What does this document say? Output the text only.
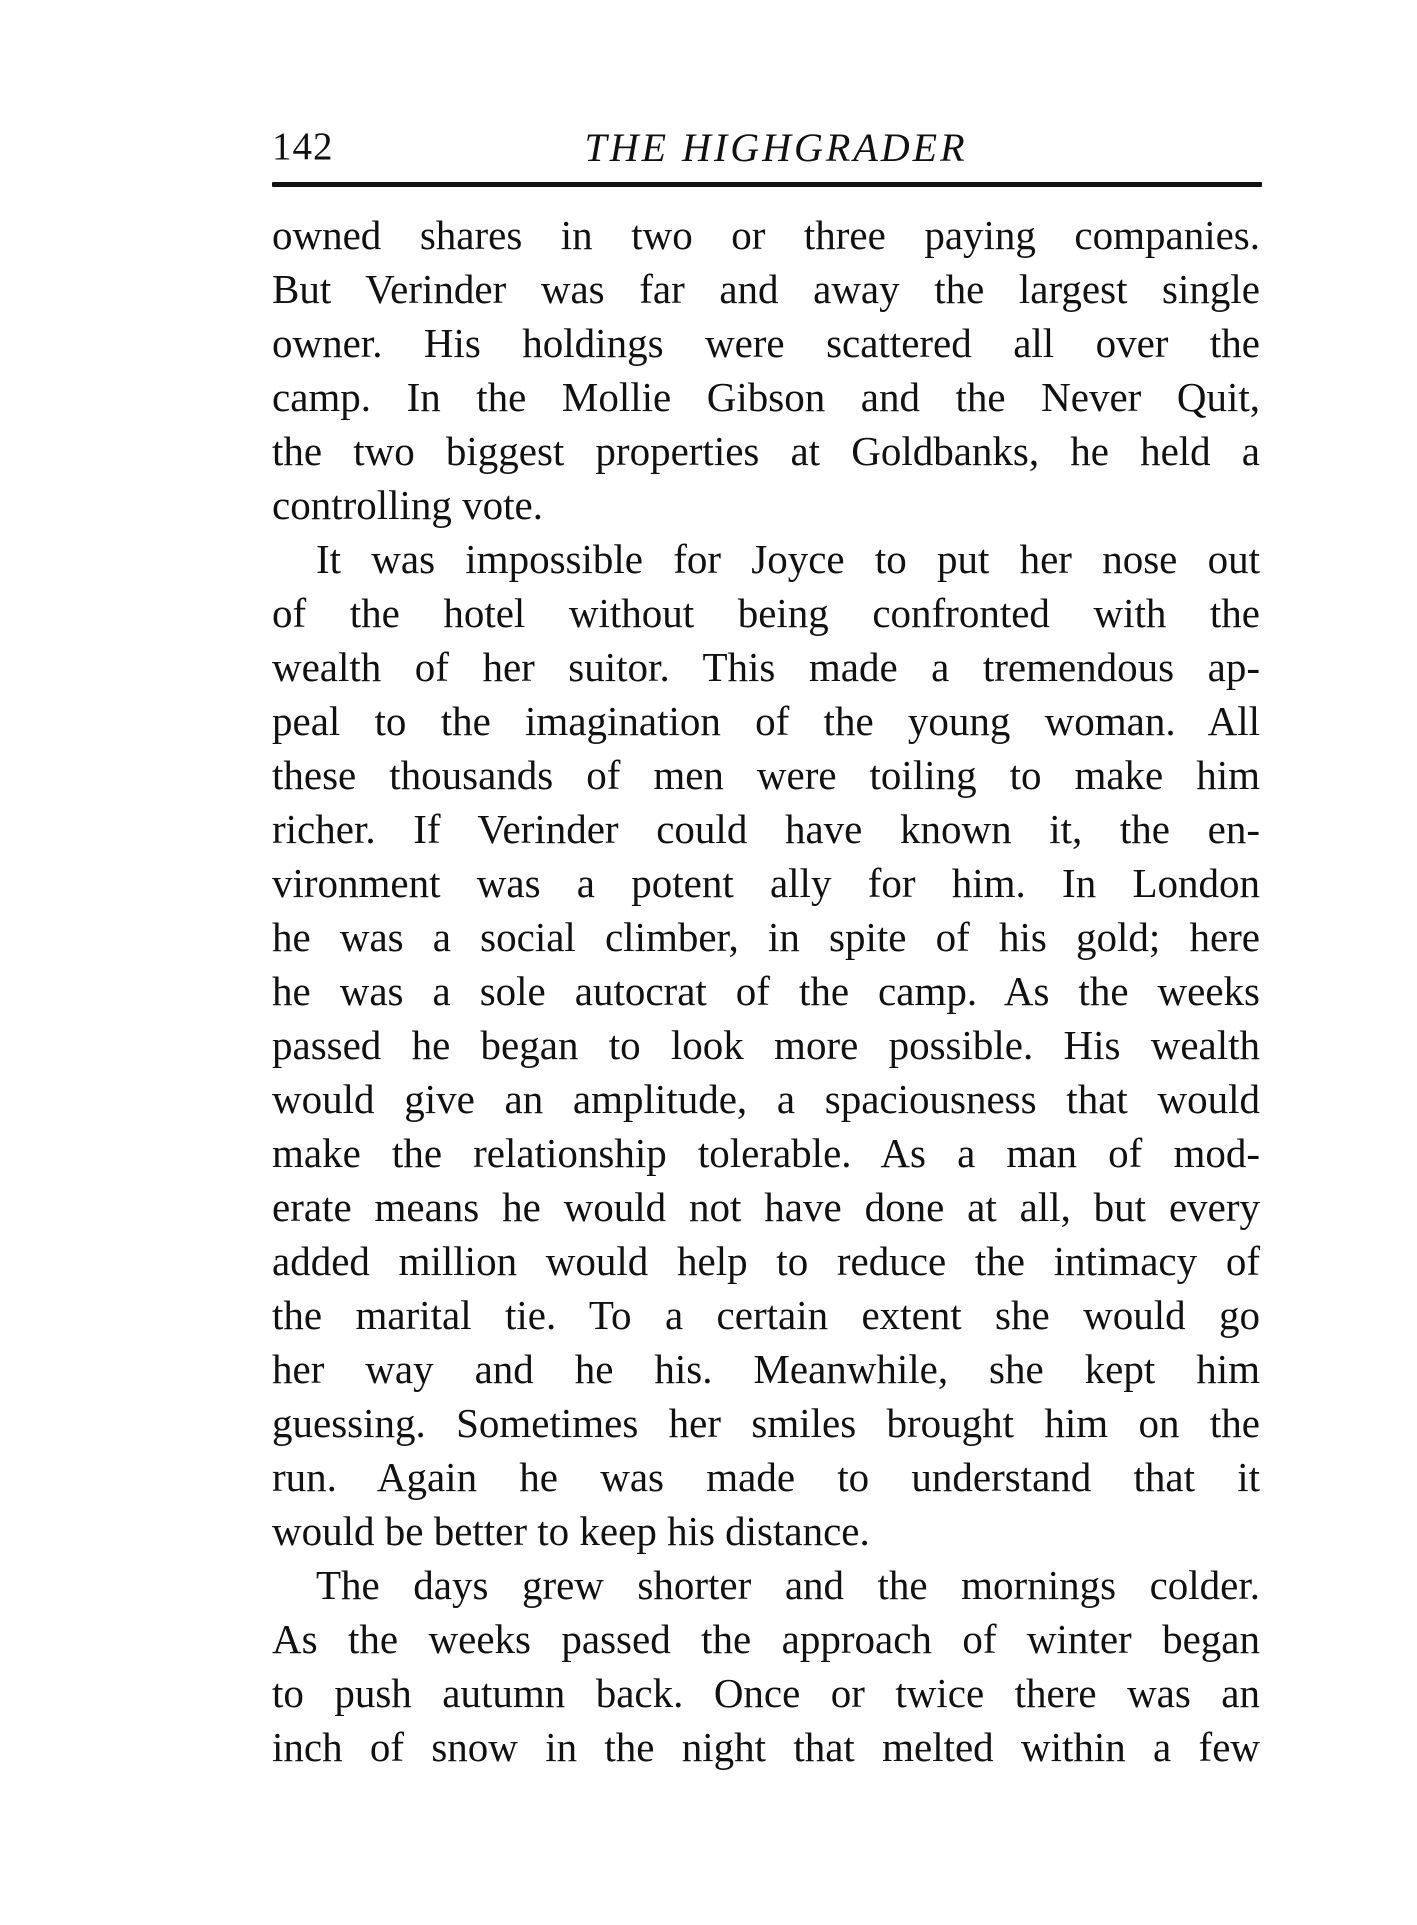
142	THE HIGHGRADER
owned shares in two or three paying companies.
But Verinder was far and away the largest single
owner. His holdings were scattered all over the
camp. In the Mollie Gibson and the Never Quit,
the two biggest properties at Goldbanks, he held a
controlling vote.
It was impossible for Joyce to put her nose out
of the hotel without being confronted with the
wealth of her suitor. This made a tremendous ap-
peal to the imagination of the young woman. All
these thousands of men were toiling to make him
richer. If Verinder could have known it, the en-
vironment was a potent ally for him. In London
he was a social climber, in spite of his gold; here
he was a sole autocrat of the camp. As the weeks
passed he began to look more possible. His wealth
would give an amplitude, a spaciousness that would
make the relationship tolerable. As a man of mod-
erate means he would not have done at all, but every
added million would help to reduce the intimacy of
the marital tie. To a certain extent she would go
her way and he his. Meanwhile, she kept him
guessing. Sometimes her smiles brought him on the
run. Again he was made to understand that it
would be better to keep his distance.
The days grew shorter and the mornings colder.
As the weeks passed the approach of winter began
to push autumn back. Once or twice there was an
inch of snow in the night that melted within a few
